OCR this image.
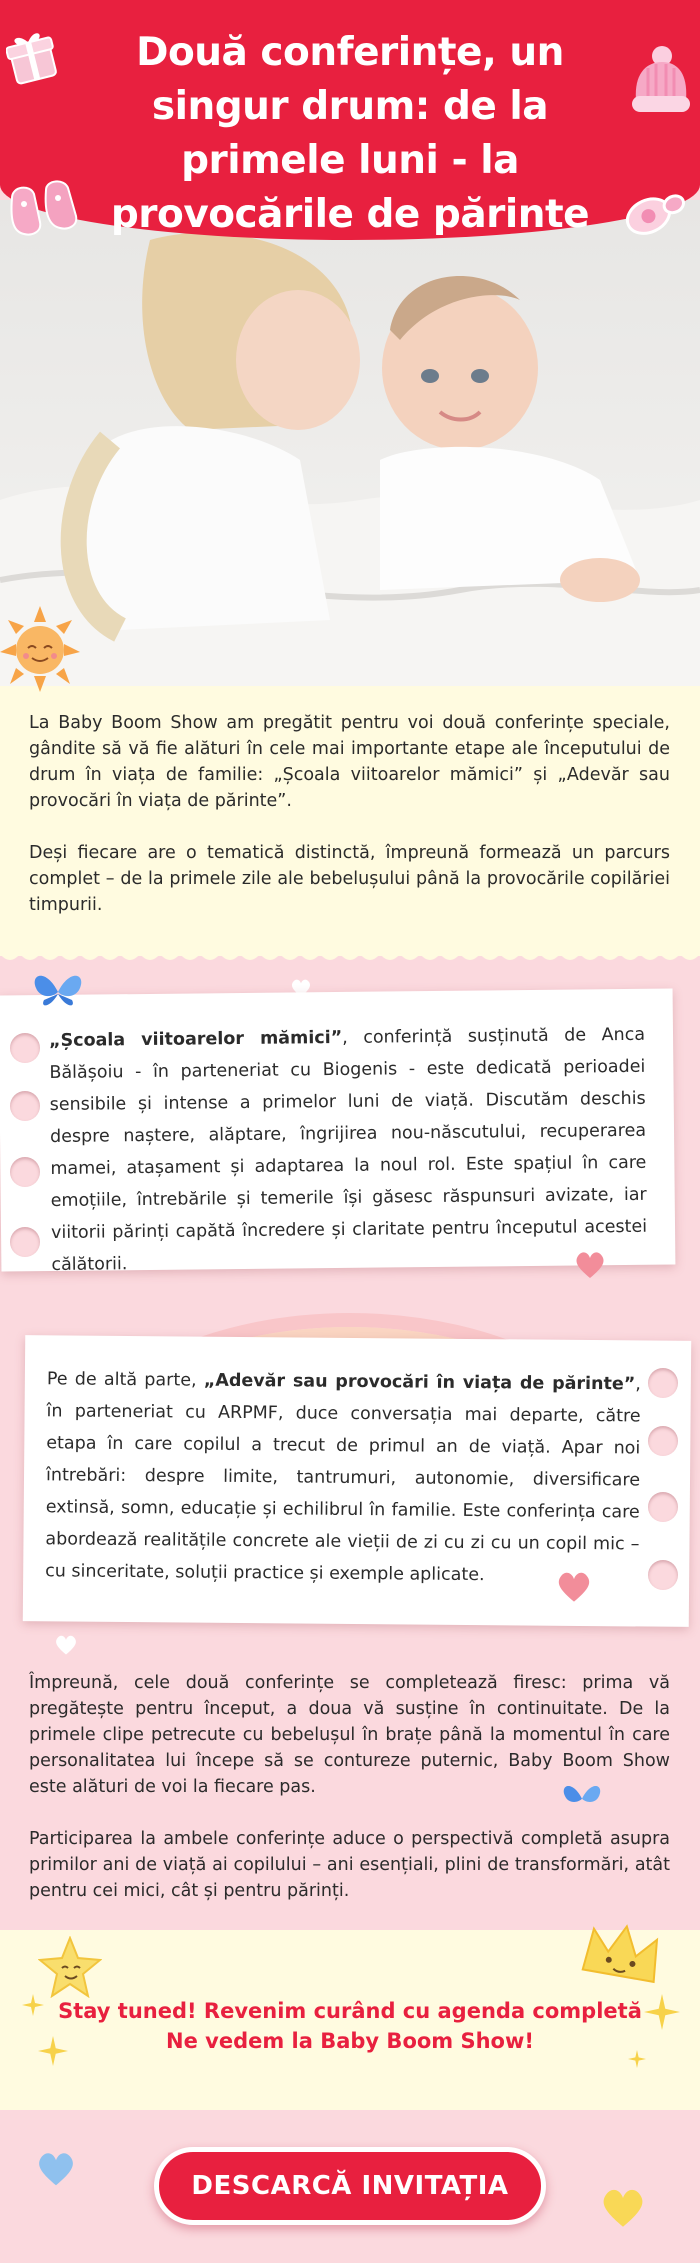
Două conferințe, un singur drum: de la primele luni - la provocările de părinte

La Baby Boom Show am pregătit pentru voi două conferințe speciale, gândite să vă fie alături în cele mai importante etape ale începutului de drum în viața de familie: „Școala viitoarelor mămici” și „Adevăr sau provocări în viața de părinte”.

Deși fiecare are o tematică distinctă, împreună formează un parcurs complet – de la primele zile ale bebelușului până la provocările copilăriei timpurii.

„Școala viitoarelor mămici”, conferință susținută de Anca Bălășoiu - în parteneriat cu Biogenis - este dedicată perioadei sensibile și intense a primelor luni de viață. Discutăm deschis despre naștere, alăptare, îngrijirea nou-născutului, recuperarea mamei, atașament și adaptarea la noul rol. Este spațiul în care emoțiile, întrebările și temerile își găsesc răspunsuri avizate, iar viitorii părinți capătă încredere și claritate pentru începutul acestei călătorii.

Pe de altă parte, „Adevăr sau provocări în viața de părinte”, în parteneriat cu ARPMF, duce conversația mai departe, către etapa în care copilul a trecut de primul an de viață. Apar noi întrebări: despre limite, tantrumuri, autonomie, diversificare extinsă, somn, educație și echilibrul în familie. Este conferința care abordează realitățile concrete ale vieții de zi cu zi cu un copil mic – cu sinceritate, soluții practice și exemple aplicate.

Împreună, cele două conferințe se completează firesc: prima vă pregătește pentru început, a doua vă susține în continuitate. De la primele clipe petrecute cu bebelușul în brațe până la momentul în care personalitatea lui începe să se contureze puternic, Baby Boom Show este alături de voi la fiecare pas.

Participarea la ambele conferințe aduce o perspectivă completă asupra primilor ani de viață ai copilului – ani esențiali, plini de transformări, atât pentru cei mici, cât și pentru părinți.

Stay tuned! Revenim curând cu agenda completă
Ne vedem la Baby Boom Show!
DESCARCĂ INVITAȚIA
